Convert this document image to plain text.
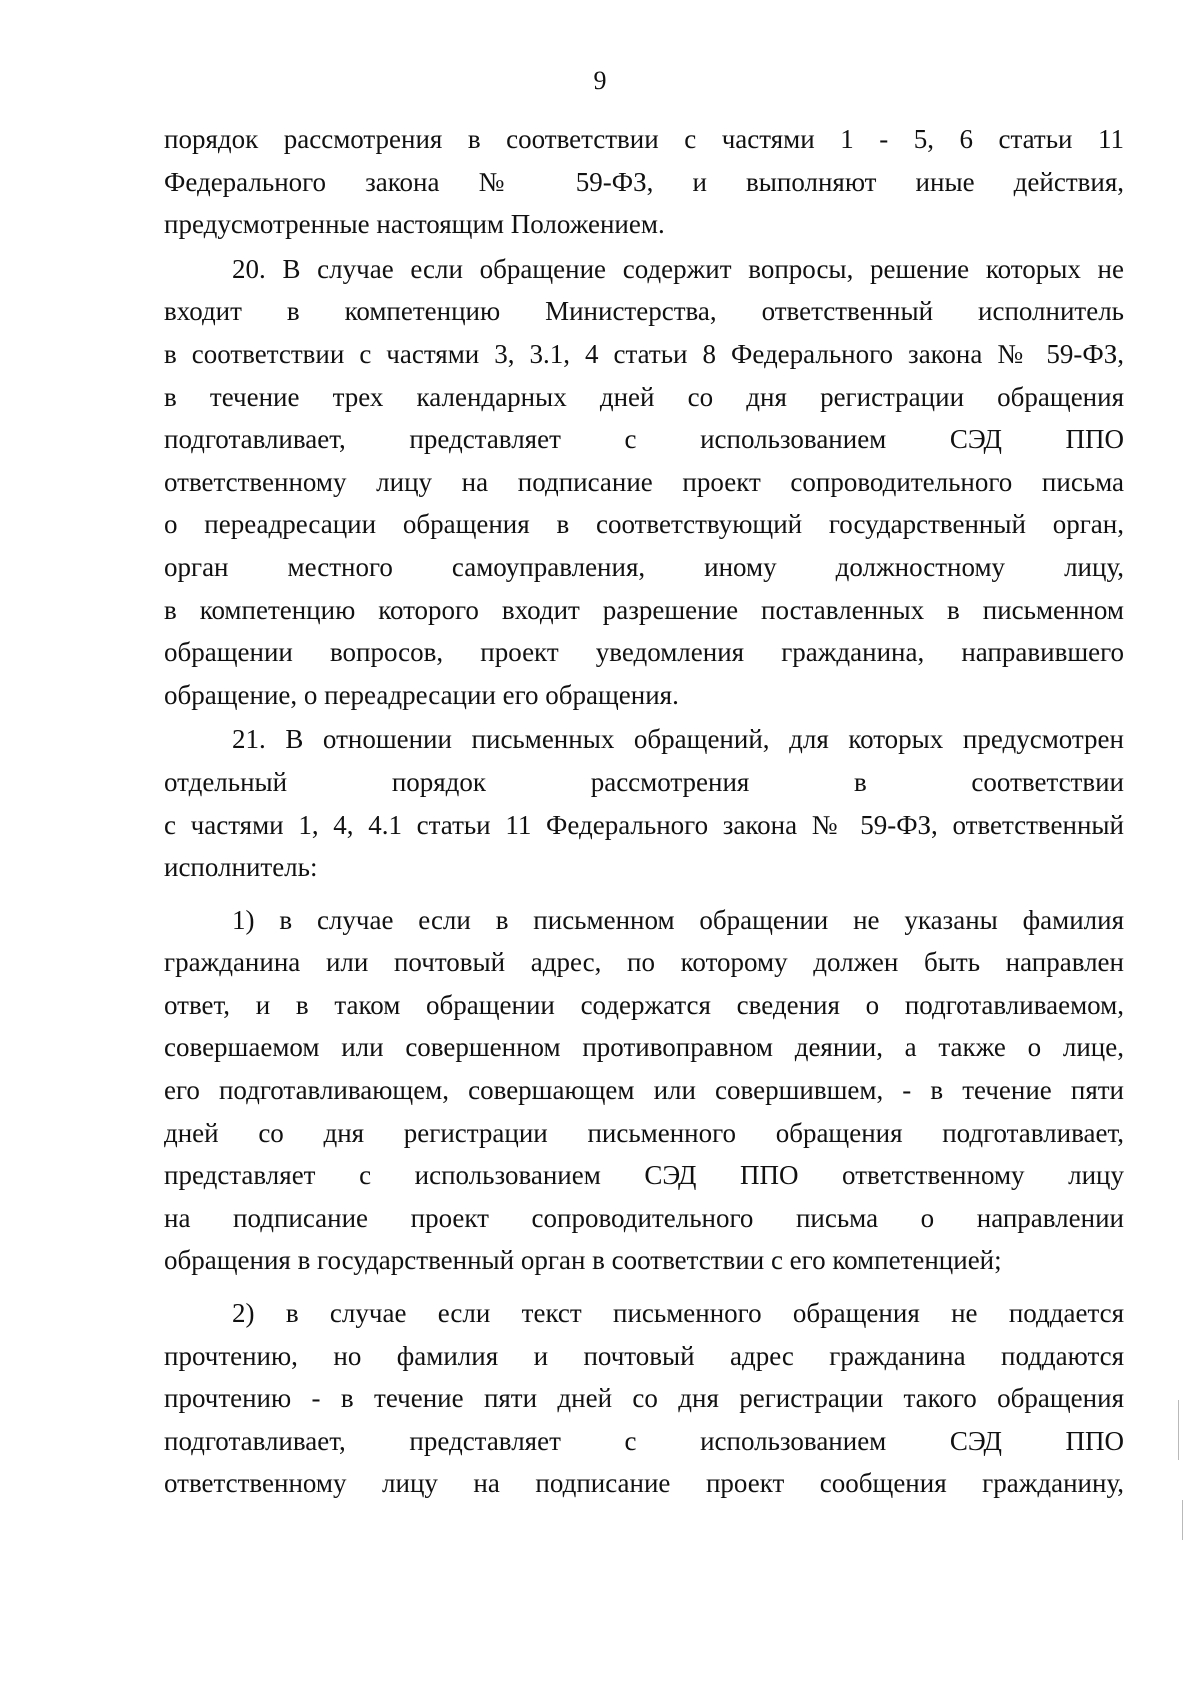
9

порядок рассмотрения в соответствии с частями 1 - 5, 6 статьи 11
Федерального закона № 59-ФЗ, и выполняют иные действия,
предусмотренные настоящим Положением.

20. В случае если обращение содержит вопросы, решение которых не
входит в компетенцию Министерства, ответственный исполнитель
в соответствии с частями 3, 3.1, 4 статьи 8 Федерального закона № 59-ФЗ,
в течение трех календарных дней со дня регистрации обращения
подготавливает, представляет с использованием СЭД ППО
ответственному лицу на подписание проект сопроводительного письма
о переадресации обращения в соответствующий государственный орган,
орган местного самоуправления, иному должностному лицу,
в компетенцию которого входит разрешение поставленных в письменном
обращении вопросов, проект уведомления гражданина, направившего
обращение, о переадресации его обращения.

21. В отношении письменных обращений, для которых предусмотрен
отдельный порядок рассмотрения в соответствии
с частями 1, 4, 4.1 статьи 11 Федерального закона № 59-ФЗ, ответственный
исполнитель:

1) в случае если в письменном обращении не указаны фамилия
гражданина или почтовый адрес, по которому должен быть направлен
ответ, и в таком обращении содержатся сведения о подготавливаемом,
совершаемом или совершенном противоправном деянии, а также о лице,
его подготавливающем, совершающем или совершившем, - в течение пяти
дней со дня регистрации письменного обращения подготавливает,
представляет с использованием СЭД ППО ответственному лицу
на подписание проект сопроводительного письма о направлении
обращения в государственный орган в соответствии с его компетенцией;

2) в случае если текст письменного обращения не поддается
прочтению, но фамилия и почтовый адрес гражданина поддаются
прочтению - в течение пяти дней со дня регистрации такого обращения
подготавливает, представляет с использованием СЭД ППО
ответственному лицу на подписание проект сообщения гражданину,
